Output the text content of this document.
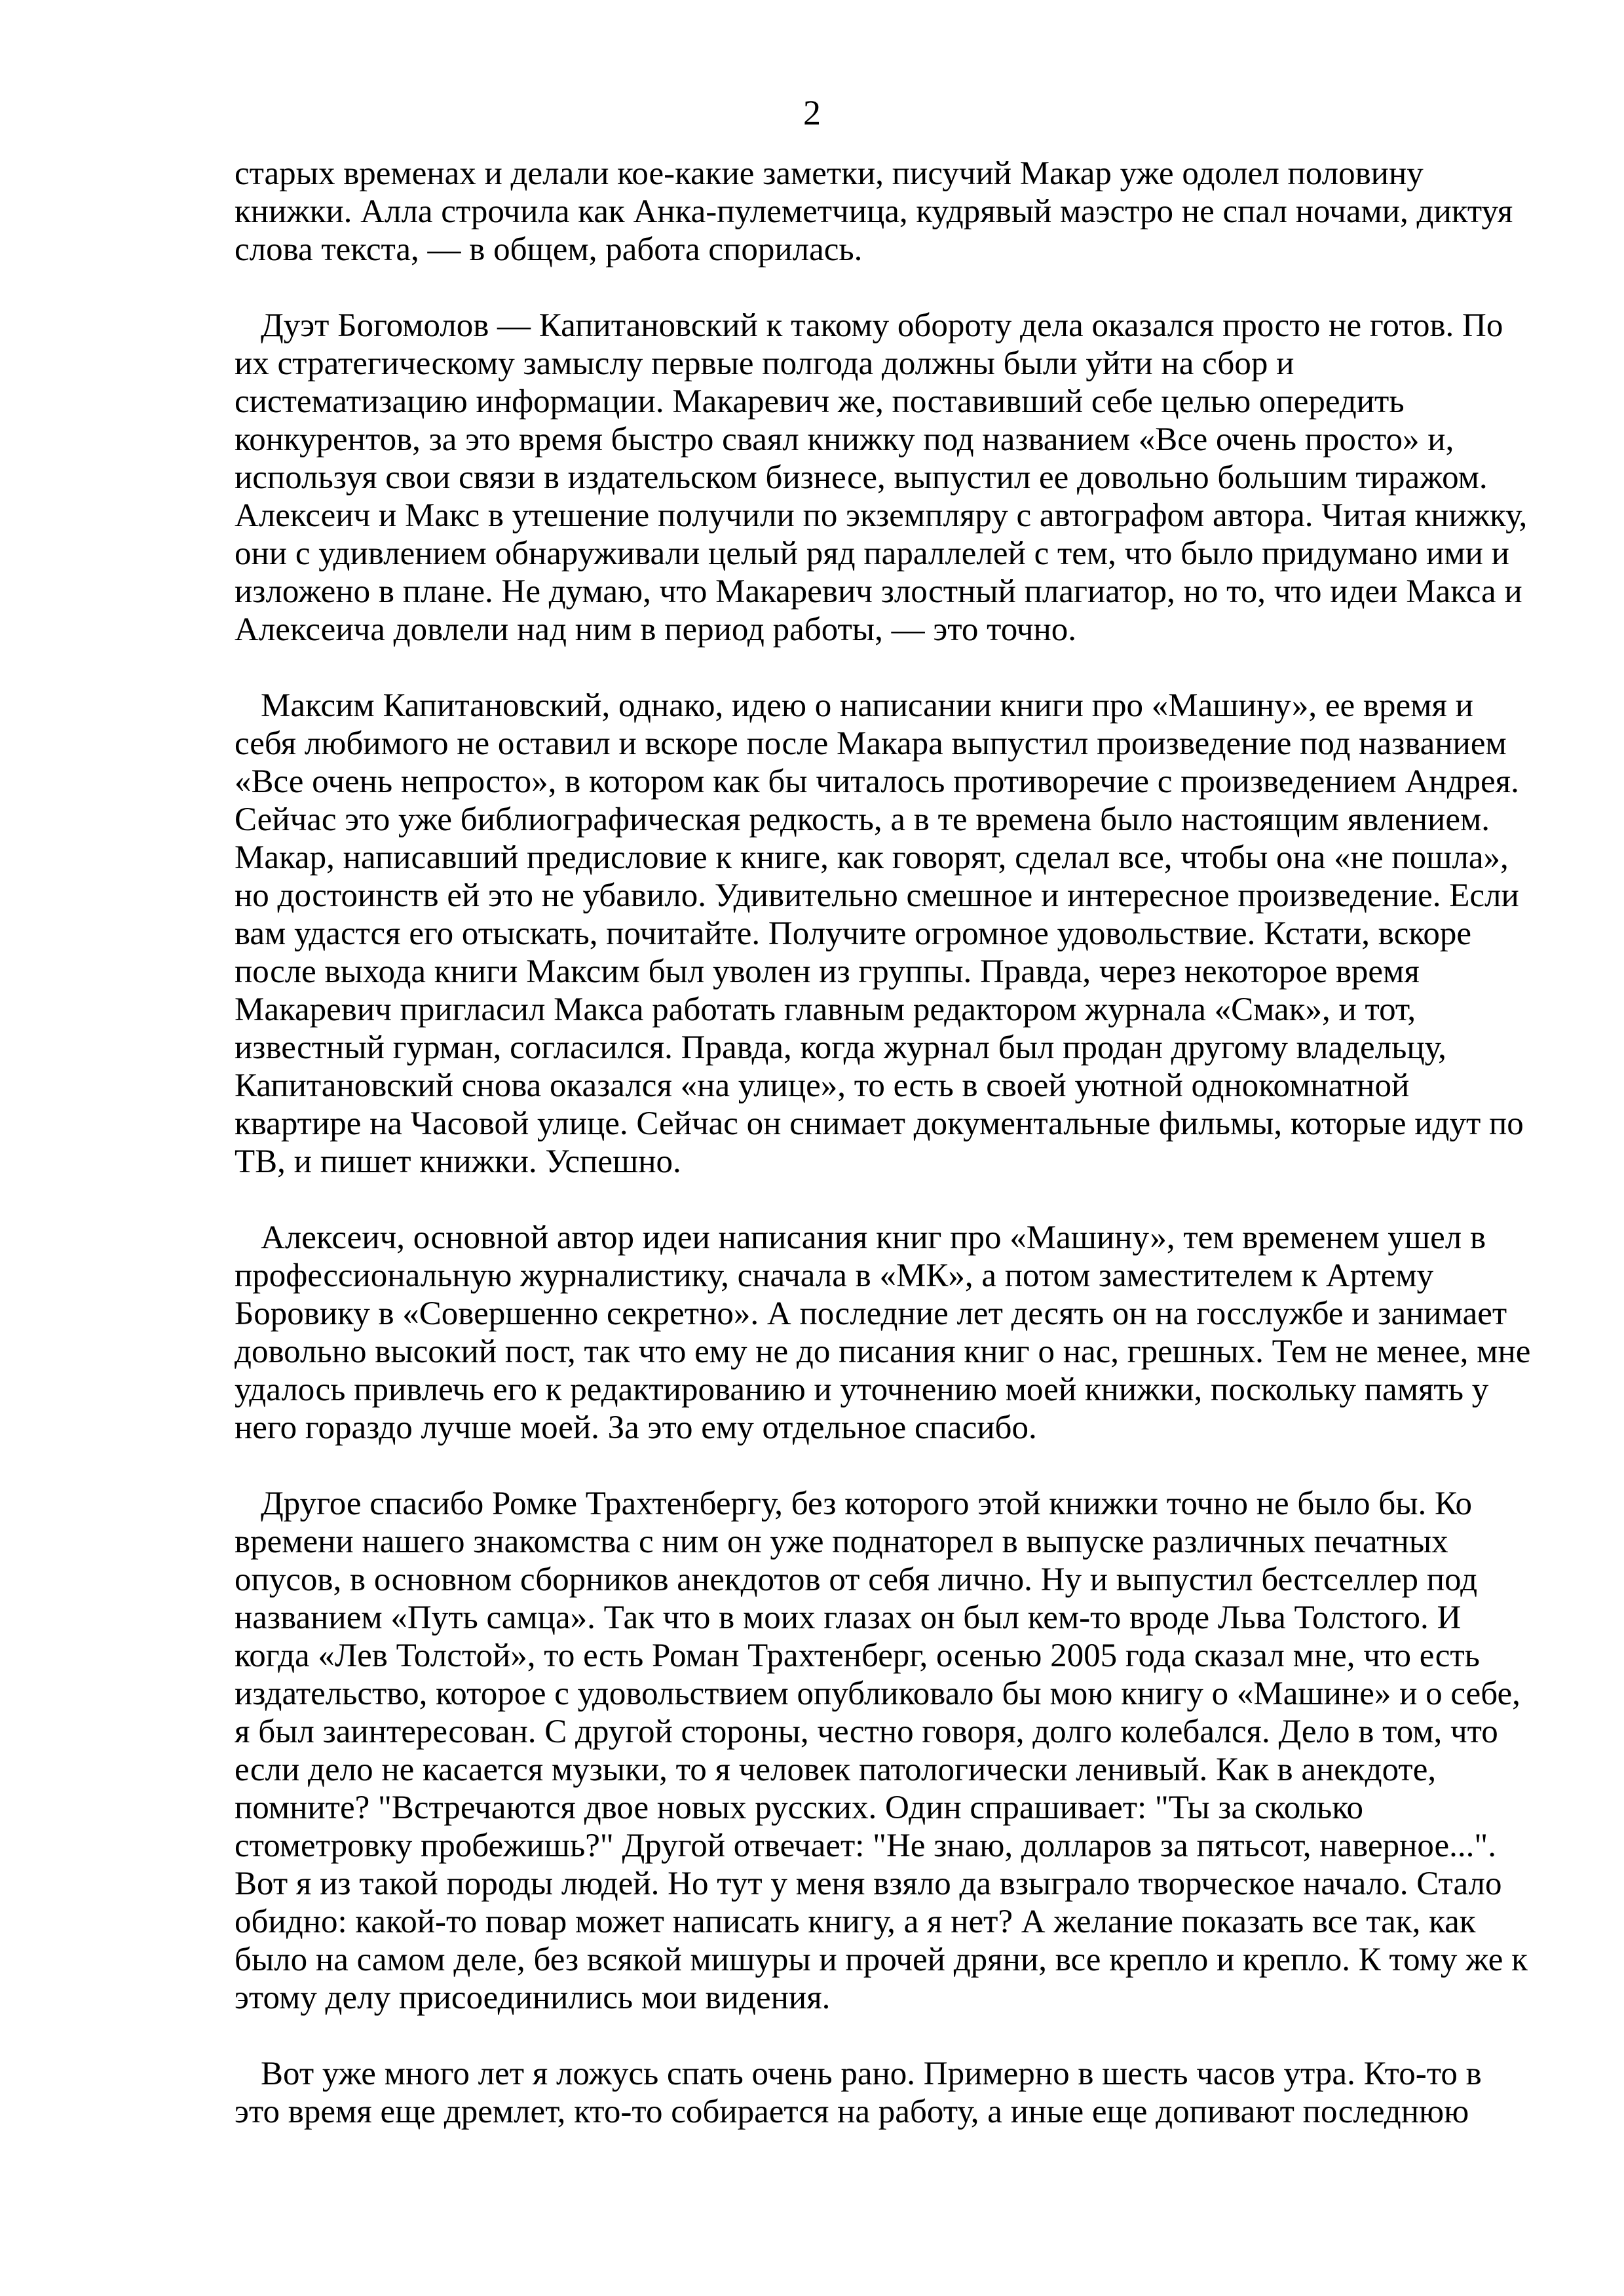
2
старых временах и делали кое-какие заметки, писучий Макар уже одолел половину
книжки. Алла строчила как Анка-пулеметчица, кудрявый маэстро не спал ночами, диктуя
слова текста, — в общем, работа спорилась.
Дуэт Богомолов — Капитановский к такому обороту дела оказался просто не готов. По
их стратегическому замыслу первые полгода должны были уйти на сбор и
систематизацию информации. Макаревич же, поставивший себе целью опередить
конкурентов, за это время быстро сваял книжку под названием «Все очень просто» и,
используя свои связи в издательском бизнесе, выпустил ее довольно большим тиражом.
Алексеич и Макс в утешение получили по экземпляру с автографом автора. Читая книжку,
они с удивлением обнаруживали целый ряд параллелей с тем, что было придумано ими и
изложено в плане. Не думаю, что Макаревич злостный плагиатор, но то, что идеи Макса и
Алексеича довлели над ним в период работы, — это точно.
Максим Капитановский, однако, идею о написании книги про «Машину», ее время и
себя любимого не оставил и вскоре после Макара выпустил произведение под названием
«Все очень непросто», в котором как бы читалось противоречие с произведением Андрея.
Сейчас это уже библиографическая редкость, а в те времена было настоящим явлением.
Макар, написавший предисловие к книге, как говорят, сделал все, чтобы она «не пошла»,
но достоинств ей это не убавило. Удивительно смешное и интересное произведение. Если
вам удастся его отыскать, почитайте. Получите огромное удовольствие. Кстати, вскоре
после выхода книги Максим был уволен из группы. Правда, через некоторое время
Макаревич пригласил Макса работать главным редактором журнала «Смак», и тот,
известный гурман, согласился. Правда, когда журнал был продан другому владельцу,
Капитановский снова оказался «на улице», то есть в своей уютной однокомнатной
квартире на Часовой улице. Сейчас он снимает документальные фильмы, которые идут по
ТВ, и пишет книжки. Успешно.
Алексеич, основной автор идеи написания книг про «Машину», тем временем ушел в
профессиональную журналистику, сначала в «МК», а потом заместителем к Артему
Боровику в «Совершенно секретно». А последние лет десять он на госслужбе и занимает
довольно высокий пост, так что ему не до писания книг о нас, грешных. Тем не менее, мне
удалось привлечь его к редактированию и уточнению моей книжки, поскольку память у
него гораздо лучше моей. За это ему отдельное спасибо.
Другое спасибо Ромке Трахтенбергу, без которого этой книжки точно не было бы. Ко
времени нашего знакомства с ним он уже поднаторел в выпуске различных печатных
опусов, в основном сборников анекдотов от себя лично. Ну и выпустил бестселлер под
названием «Путь самца». Так что в моих глазах он был кем-то вроде Льва Толстого. И
когда «Лев Толстой», то есть Роман Трахтенберг, осенью 2005 года сказал мне, что есть
издательство, которое с удовольствием опубликовало бы мою книгу о «Машине» и о себе,
я был заинтересован. С другой стороны, честно говоря, долго колебался. Дело в том, что
если дело не касается музыки, то я человек патологически ленивый. Как в анекдоте,
помните? "Встречаются двое новых русских. Один спрашивает: "Ты за сколько
стометровку пробежишь?" Другой отвечает: "Не знаю, долларов за пятьсот, наверное...".
Вот я из такой породы людей. Но тут у меня взяло да взыграло творческое начало. Стало
обидно: какой-то повар может написать книгу, а я нет? А желание показать все так, как
было на самом деле, без всякой мишуры и прочей дряни, все крепло и крепло. К тому же к
этому делу присоединились мои видения.
Вот уже много лет я ложусь спать очень рано. Примерно в шесть часов утра. Кто-то в
это время еще дремлет, кто-то собирается на работу, а иные еще допивают последнюю
